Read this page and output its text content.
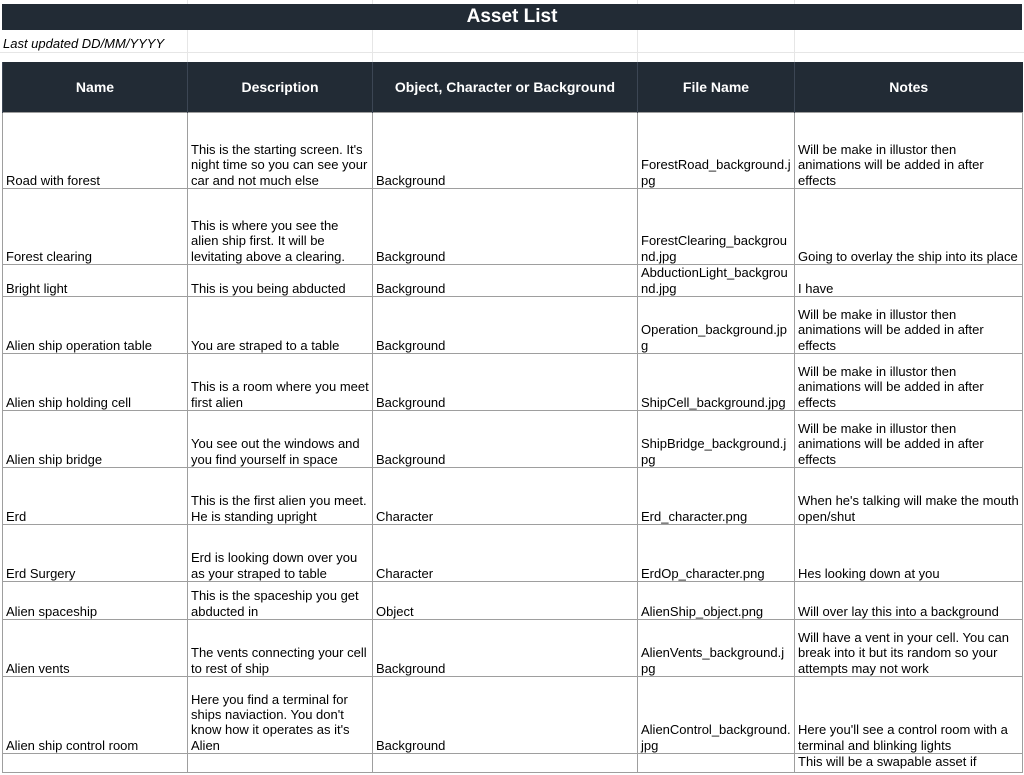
Asset List
Last updated DD/MM/YYYY
Name	Description	Object, Character or Background	File Name	Notes
Road with forest	This is the starting screen. It's night time so you can see your car and not much else	Background	ForestRoad_background.jpg	Will be make in illustor then animations will be added in after effects
Forest clearing	This is where you see the alien ship first. It will be levitating above a clearing.	Background	ForestClearing_background.jpg	Going to overlay the ship into its place
Bright light	This is you being abducted	Background	AbductionLight_background.jpg	I have
Alien ship operation table	You are straped to a table	Background	Operation_background.jpg	Will be make in illustor then animations will be added in after effects
Alien ship holding cell	This is a room where you meet first alien	Background	ShipCell_background.jpg	Will be make in illustor then animations will be added in after effects
Alien ship bridge	You see out the windows and you find yourself in space	Background	ShipBridge_background.jpg	Will be make in illustor then animations will be added in after effects
Erd	This is the first alien you meet. He is standing upright	Character	Erd_character.png	When he's talking will make the mouth open/shut
Erd Surgery	Erd is looking down over you as your straped to table	Character	ErdOp_character.png	Hes looking down at you
Alien spaceship	This is the spaceship you get abducted in	Object	AlienShip_object.png	Will over lay this into a background
Alien vents	The vents connecting your cell to rest of ship	Background	AlienVents_background.jpg	Will have a vent in your cell. You can break into it but its random so your attempts may not work
Alien ship control room	Here you find a terminal for ships naviaction. You don't know how it operates as it's Alien	Background	AlienControl_background.jpg	Here you'll see a control room with a terminal and blinking lights
				This will be a swapable asset if
